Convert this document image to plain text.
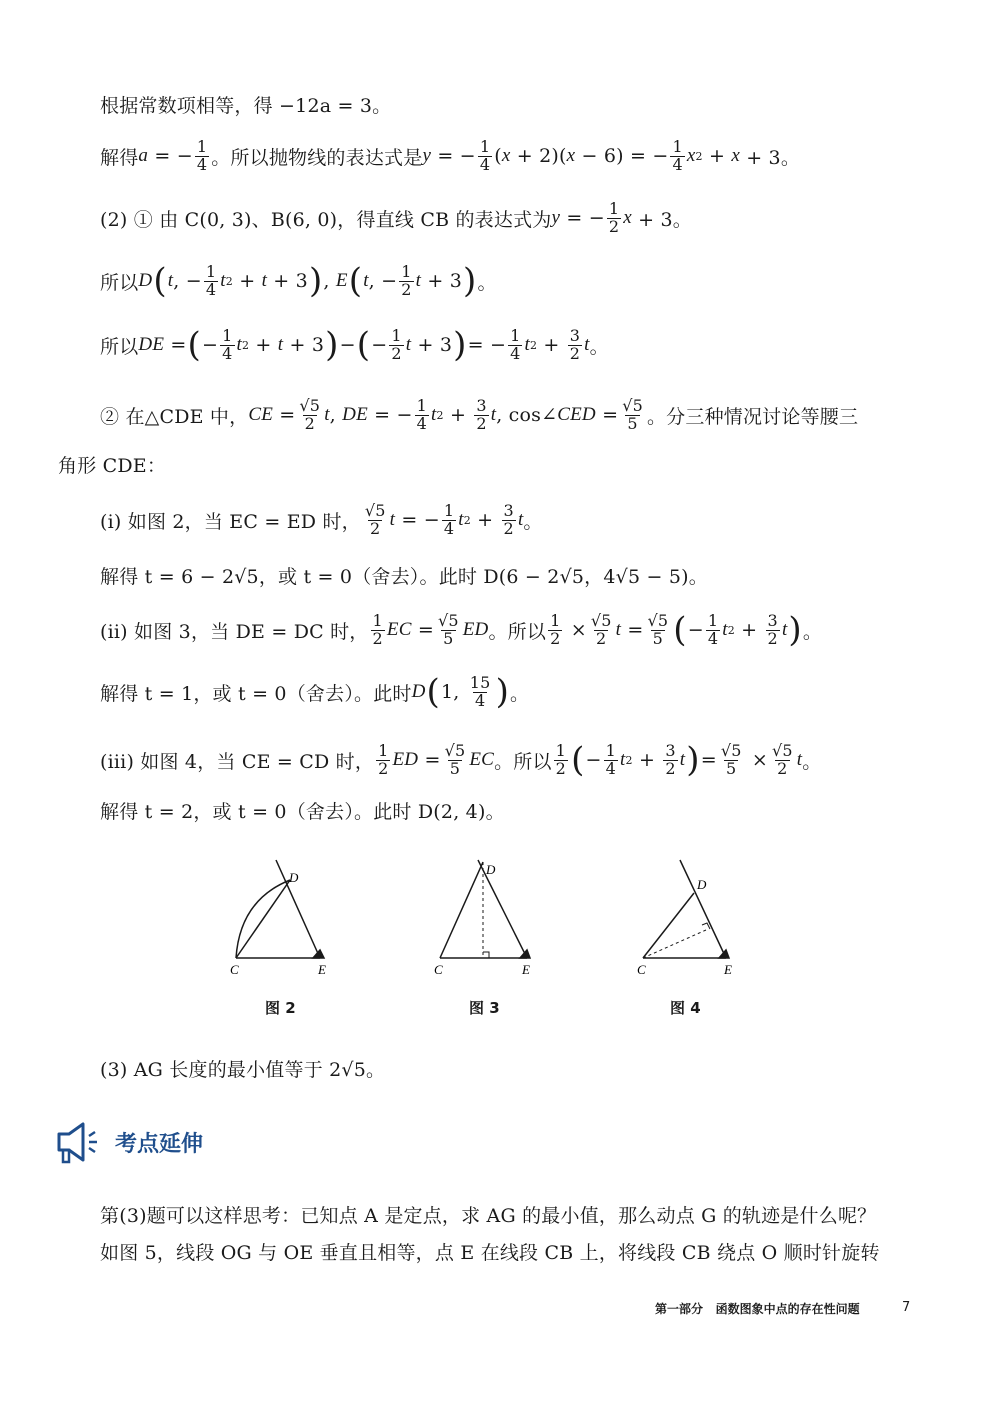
根据常数项相等，得 −12a = 3。
解得 a = − $\frac{1}{4}$ 。所以抛物线的表达式是 y = − $\frac{1}{4}$ ( x + 2)( x − 6) = − $\frac{1}{4}$ x 2 + x + 3。
(2) ① 由 C(0, 3)、B(6, 0)，得直线 CB 的表达式为 y = − $\frac{1}{2}$ x + 3。
所以 D ( t , − $\frac{1}{4}$ t 2 + t + 3 ) , E ( t , − $\frac{1}{2}$ t + 3 ) 。
所以 DE = ( − $\frac{1}{4}$ t 2 + t + 3 ) − ( − $\frac{1}{2}$ t + 3 ) = − $\frac{1}{4}$ t $2 + \frac{3}{2}$ t 。
② 在△CDE 中， CE = $\frac{√5}{2}$ t , DE = − $\frac{1}{4}$ t $2 + \frac{3}{2}$ t , cos∠ CED = $\frac{√5}{5}$ 。分三种情况讨论等腰三
角形 CDE：
(i) 如图 2，当 EC = ED 时， $\frac{√5}{2}$ t = − $\frac{1}{4}$ t $2 + \frac{3}{2}$ t 。
解得 t = 6 − 2√5，或 t = 0（舍去）。此时 D(6 − 2√5，4√5 − 5)。
(ii) 如图 3，当 DE = DC 时， $\frac{1}{2}$ EC = $\frac{√5}{5}$ ED 。所以 $\frac{1}{2} \times \frac{√5}{2}$ $t = \frac{√5}{5}$ ( − $\frac{1}{4}$ t $2 + \frac{3}{2}$ t ) 。
解得 t = 1，或 t = 0（舍去）。此时 D ( 1, $\frac{15}{4}$ ) 。
(iii) 如图 4，当 CE = CD 时， $\frac{1}{2}$ ED = $\frac{√5}{5}$ EC 。所以 $\frac{1}{2}$ ( − $\frac{1}{4}$ t $2 + \frac{3}{2}$ t ) = $\frac{√5}{5} \times \frac{√5}{2}$ t 。
解得 t = 2，或 t = 0（舍去）。此时 D(2, 4)。
C	E
D
C	E
D
C	E
D
图 2	图 3	图 4
(3) AG 长度的最小值等于 2√5。
考点延伸
第(3)题可以这样思考：已知点 A 是定点，求 AG 的最小值，那么动点 G 的轨迹是什么呢？
如图 5，线段 OG 与 OE 垂直且相等，点 E 在线段 CB 上，将线段 CB 绕点 O 顺时针旋转
第一部分 函数图象中点的存在性问题	7
